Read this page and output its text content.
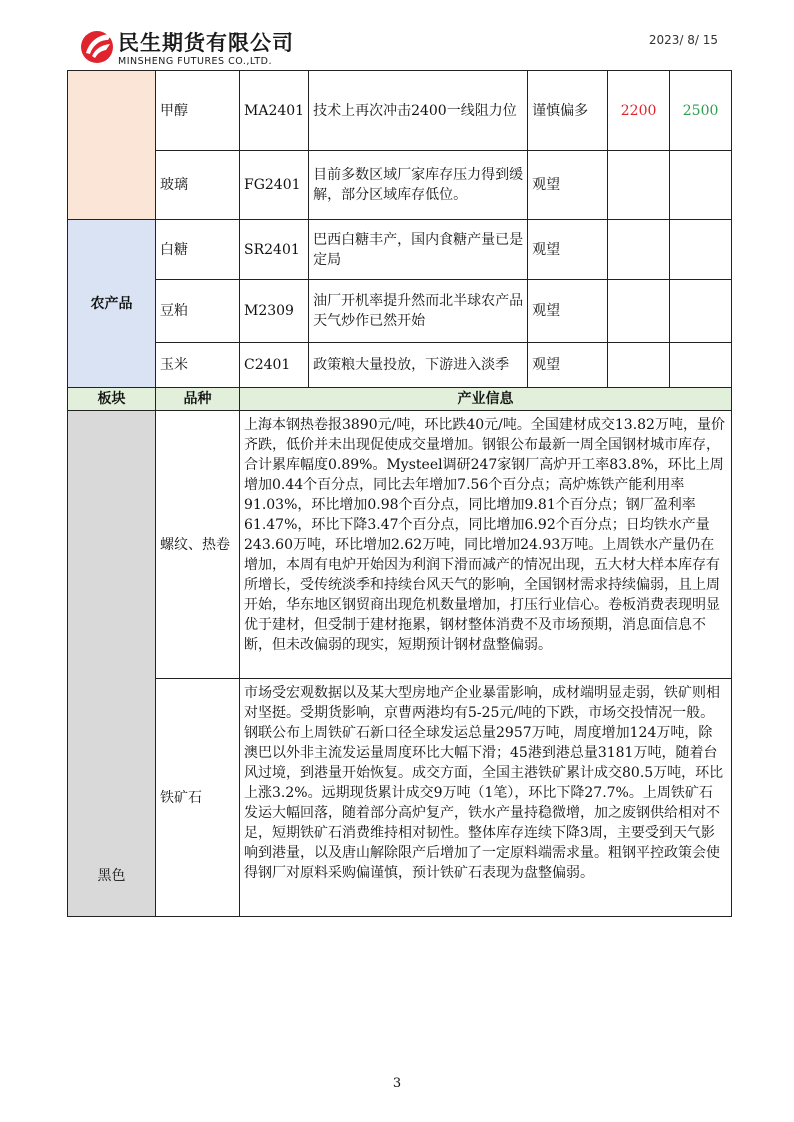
民生期货有限公司
MINSHENG FUTURES CO.,LTD.
2023/ 8/ 15
	甲醇	MA2401	技术上再次冲击2400一线阻力位	谨慎偏多	2200	2500
	玻璃	FG2401	目前多数区域厂家库存压力得到缓解，部分区域库存低位。	观望		
农产品	白糖	SR2401	巴西白糖丰产，国内食糖产量已是定局	观望		
	豆粕	M2309	油厂开机率提升然而北半球农产品天气炒作已然开始	观望		
	玉米	C2401	政策粮大量投放，下游进入淡季	观望		
板块	品种	产业信息				
黑色	螺纹、热卷	上海本钢热卷报3890元/吨，环比跌40元/吨。全国建材成交13.82万吨，量价齐跌，低价并未出现促使成交量增加。钢银公布最新一周全国钢材城市库存，合计累库幅度0.89%。Mysteel调研247家钢厂高炉开工率83.8%，环比上周增加0.44个百分点，同比去年增加7.56个百分点；高炉炼铁产能利用率91.03%，环比增加0.98个百分点，同比增加9.81个百分点；钢厂盈利率61.47%，环比下降3.47个百分点，同比增加6.92个百分点；日均铁水产量243.60万吨，环比增加2.62万吨，同比增加24.93万吨。上周铁水产量仍在增加，本周有电炉开始因为利润下滑而减产的情况出现，五大材大样本库存有所增长，受传统淡季和持续台风天气的影响，全国钢材需求持续偏弱，且上周开始，华东地区钢贸商出现危机数量增加，打压行业信心。卷板消费表现明显优于建材，但受制于建材拖累，钢材整体消费不及市场预期，消息面信息不断，但未改偏弱的现实，短期预计钢材盘整偏弱。				
	铁矿石	市场受宏观数据以及某大型房地产企业暴雷影响，成材端明显走弱，铁矿则相对坚挺。受期货影响，京曹两港均有5-25元/吨的下跌，市场交投情况一般。钢联公布上周铁矿石新口径全球发运总量2957万吨，周度增加124万吨，除澳巴以外非主流发运量周度环比大幅下滑；45港到港总量3181万吨，随着台风过境，到港量开始恢复。成交方面，全国主港铁矿累计成交80.5万吨，环比上涨3.2%。远期现货累计成交9万吨（1笔），环比下降27.7%。上周铁矿石发运大幅回落，随着部分高炉复产，铁水产量持稳微增，加之废钢供给相对不足，短期铁矿石消费维持相对韧性。整体库存连续下降3周，主要受到天气影响到港量，以及唐山解除限产后增加了一定原料端需求量。粗钢平控政策会使得钢厂对原料采购偏谨慎，预计铁矿石表现为盘整偏弱。				
3
